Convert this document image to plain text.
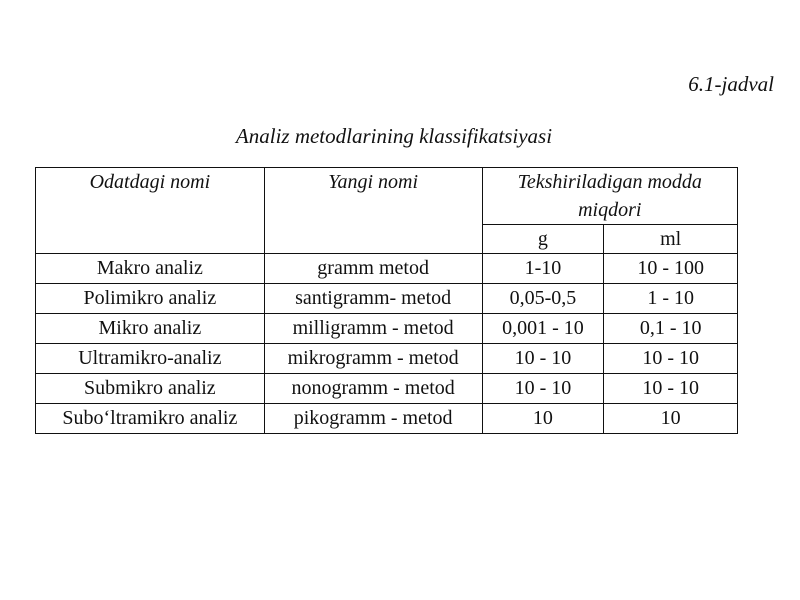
6.1-jadval
Analiz metodlarining klassifikatsiyasi
Odatdagi nomi	Yangi nomi	Tekshiriladigan modda miqdori	
		g	ml
Makro analiz	gramm metod	1-10	10 - 100
Polimikro analiz	santigramm- metod	0,05-0,5	1 - 10
Mikro analiz	milligramm - metod	0,001 - 10	0,1 - 10
Ultramikro-analiz	mikrogramm - metod	10 - 10	10 - 10
Submikro analiz	nonogramm - metod	10 - 10	10 - 10
Subo‘ltramikro analiz	pikogramm - metod	10	10
